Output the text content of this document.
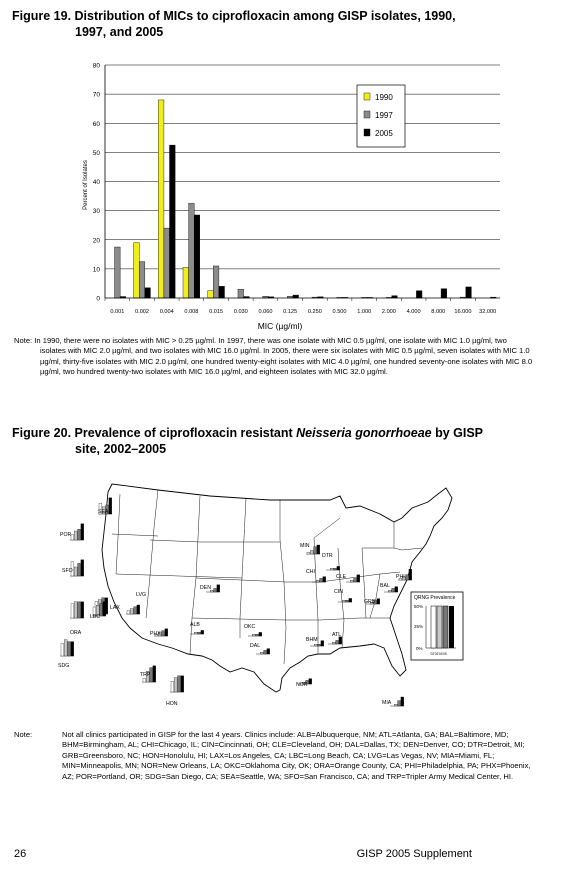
Figure 19. Distribution of MICs to ciprofloxacin among GISP isolates, 1990,
1997, and 2005
0
10
20
30
40
50
60
70
80
0.001 0.002 0.004 0.008 0.015 0.030 0.060 0.125 0.250 0.500 1.000 2.000 4.000 8.000 16.000 32.000
Percent of Isolates
MIC (µg/ml)
1990
1997
2005
Note: In 1990, there were no isolates with MIC > 0.25 µg/ml. In 1997, there was one isolate with MIC 0.5 µg/ml, one isolate with MIC 1.0 µg/ml, two isolates with MIC 2.0 µg/ml, and two isolates with MIC 16.0 µg/ml. In 2005, there were six isolates with MIC 0.5 µg/ml, seven isolates with MIC 1.0 µg/ml, thirty-five isolates with MIC 2.0 µg/ml, one hundred twenty-eight isolates with MIC 4.0 µg/ml, one hundred seventy-one isolates with MIC 8.0 µg/ml, two hundred twenty-two isolates with MIC 16.0 µg/ml, and eighteen isolates with MIC 32.0 µg/ml.
Figure 20. Prevalence of ciprofloxacin resistant Neisseria gonorrhoeae by GISP
site, 2002–2005
QRNG Prevalence
50%
25%
0%
'02'03'04'05
SEA
POR
SFO
LAX
LBC
ORA
SDG
LVG
PHX
ALB
DEN
MIN
DTR
CHI
CLE	PHI
BAL
CIN
GRB
ATL
BHM
OKC
DAL
NOR
MIA
HON
TRP
Note:	Not all clinics participated in GISP for the last 4 years. Clinics include: ALB=Albuquerque, NM; ATL=Atlanta, GA; BAL=Baltimore, MD; BHM=Birmingham, AL; CHI=Chicago, IL; CIN=Cincinnati, OH; CLE=Cleveland, OH; DAL=Dallas, TX; DEN=Denver, CO; DTR=Detroit, MI; GRB=Greensboro, NC; HON=Honolulu, HI; LAX=Los Angeles, CA; LBC=Long Beach, CA; LVG=Las Vegas, NV; MIA=Miami, FL; MIN=Minneapolis, MN; NOR=New Orleans, LA; OKC=Oklahoma City, OK; ORA=Orange County, CA; PHI=Philadelphia, PA; PHX=Phoenix, AZ; POR=Portland, OR; SDG=San Diego, CA; SEA=Seattle, WA; SFO=San Francisco, CA; and TRP=Tripler Army Medical Center, HI.
26	GISP 2005 Supplement
